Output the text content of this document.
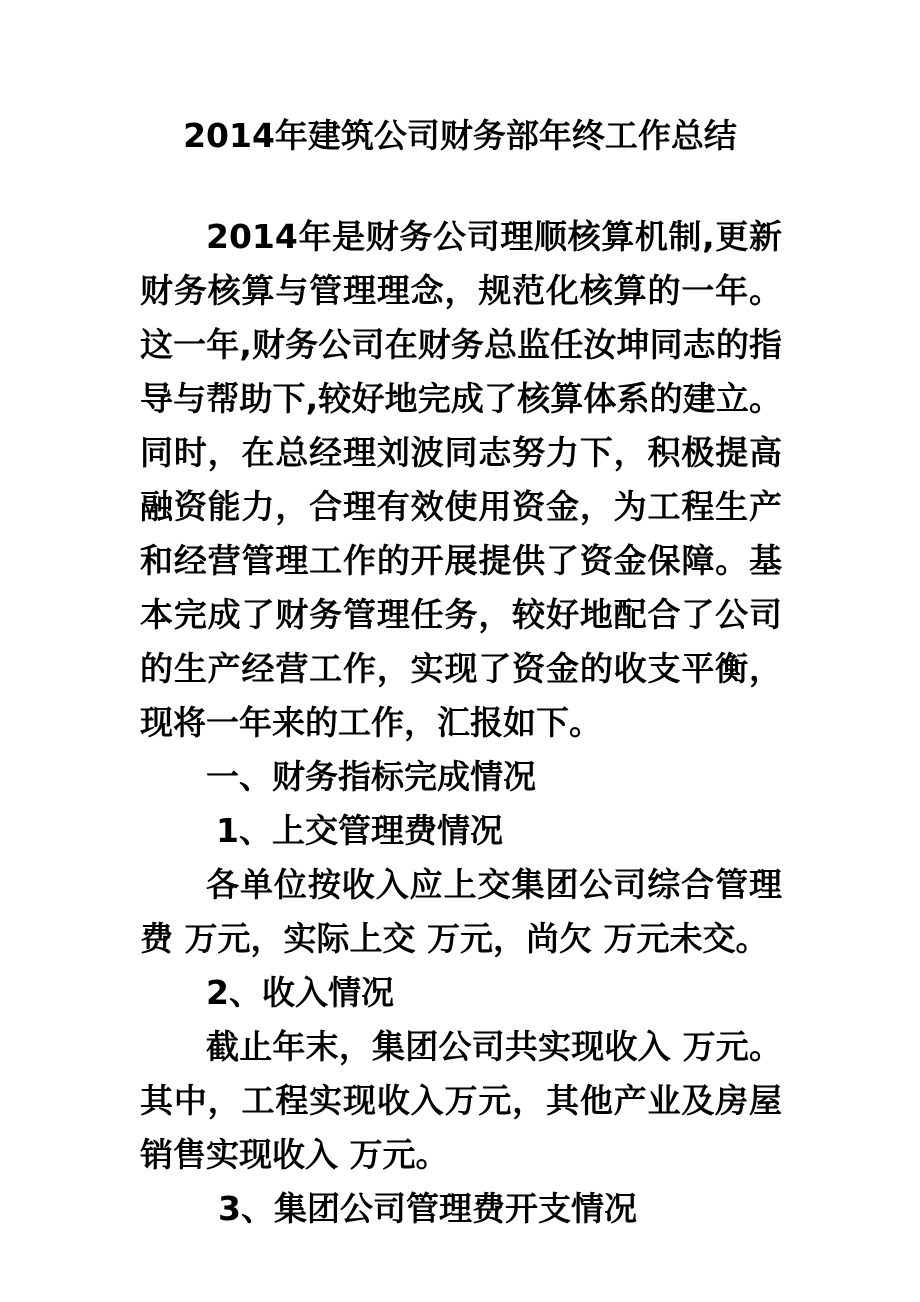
2014年建筑公司财务部年终工作总结

2014年是财务公司理顺核算机制,更新财务核算与管理理念，规范化核算的一年。这一年,财务公司在财务总监任汝坤同志的指导与帮助下,较好地完成了核算体系的建立。同时，在总经理刘波同志努力下，积极提高融资能力，合理有效使用资金，为工程生产和经营管理工作的开展提供了资金保障。基本完成了财务管理任务，较好地配合了公司的生产经营工作，实现了资金的收支平衡，现将一年来的工作，汇报如下。

一、财务指标完成情况

1、上交管理费情况

各单位按收入应上交集团公司综合管理费 万元，实际上交 万元，尚欠 万元未交。

2、收入情况

截止年末，集团公司共实现收入 万元。其中，工程实现收入万元，其他产业及房屋销售实现收入 万元。

3、集团公司管理费开支情况
